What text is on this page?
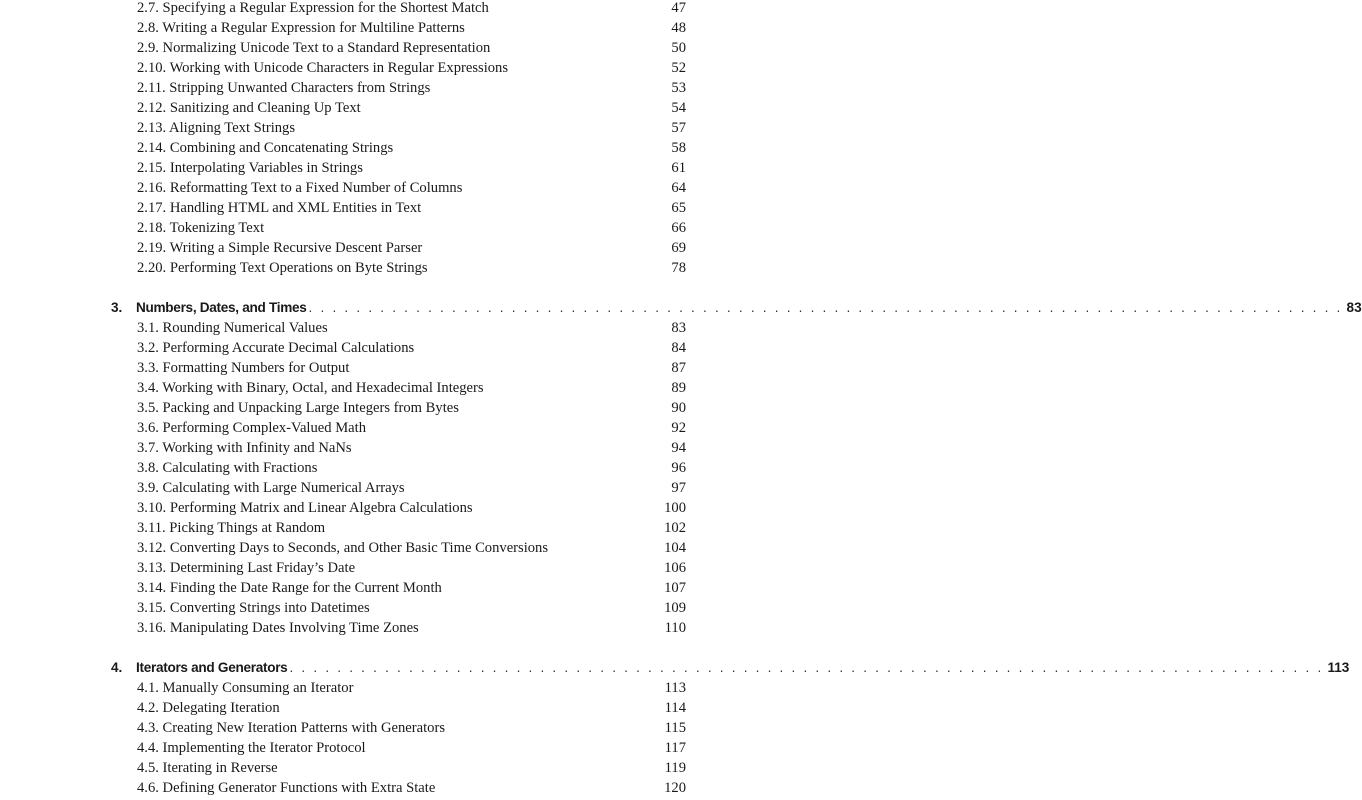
2.7. Specifying a Regular Expression for the Shortest Match	47
2.8. Writing a Regular Expression for Multiline Patterns	48
2.9. Normalizing Unicode Text to a Standard Representation	50
2.10. Working with Unicode Characters in Regular Expressions	52
2.11. Stripping Unwanted Characters from Strings	53
2.12. Sanitizing and Cleaning Up Text	54
2.13. Aligning Text Strings	57
2.14. Combining and Concatenating Strings	58
2.15. Interpolating Variables in Strings	61
2.16. Reformatting Text to a Fixed Number of Columns	64
2.17. Handling HTML and XML Entities in Text	65
2.18. Tokenizing Text	66
2.19. Writing a Simple Recursive Descent Parser	69
2.20. Performing Text Operations on Byte Strings	78
3.	Numbers, Dates, and Times . . . . . . . . . . . . . . . . . . . . . . . . . . . . . . . . . . . . . . . . . . . . . . . . . . . . . . . . . . . . . . . . . . . . . . . . . . . . . . . . . . . . . . . 83
3.1. Rounding Numerical Values	83
3.2. Performing Accurate Decimal Calculations	84
3.3. Formatting Numbers for Output	87
3.4. Working with Binary, Octal, and Hexadecimal Integers	89
3.5. Packing and Unpacking Large Integers from Bytes	90
3.6. Performing Complex-Valued Math	92
3.7. Working with Infinity and NaNs	94
3.8. Calculating with Fractions	96
3.9. Calculating with Large Numerical Arrays	97
3.10. Performing Matrix and Linear Algebra Calculations	100
3.11. Picking Things at Random	102
3.12. Converting Days to Seconds, and Other Basic Time Conversions	104
3.13. Determining Last Friday’s Date	106
3.14. Finding the Date Range for the Current Month	107
3.15. Converting Strings into Datetimes	109
3.16. Manipulating Dates Involving Time Zones	110
4.	Iterators and Generators . . . . . . . . . . . . . . . . . . . . . . . . . . . . . . . . . . . . . . . . . . . . . . . . . . . . . . . . . . . . . . . . . . . . . . . . . . . . . . . . . . . . . . . 113
4.1. Manually Consuming an Iterator	113
4.2. Delegating Iteration	114
4.3. Creating New Iteration Patterns with Generators	115
4.4. Implementing the Iterator Protocol	117
4.5. Iterating in Reverse	119
4.6. Defining Generator Functions with Extra State	120
